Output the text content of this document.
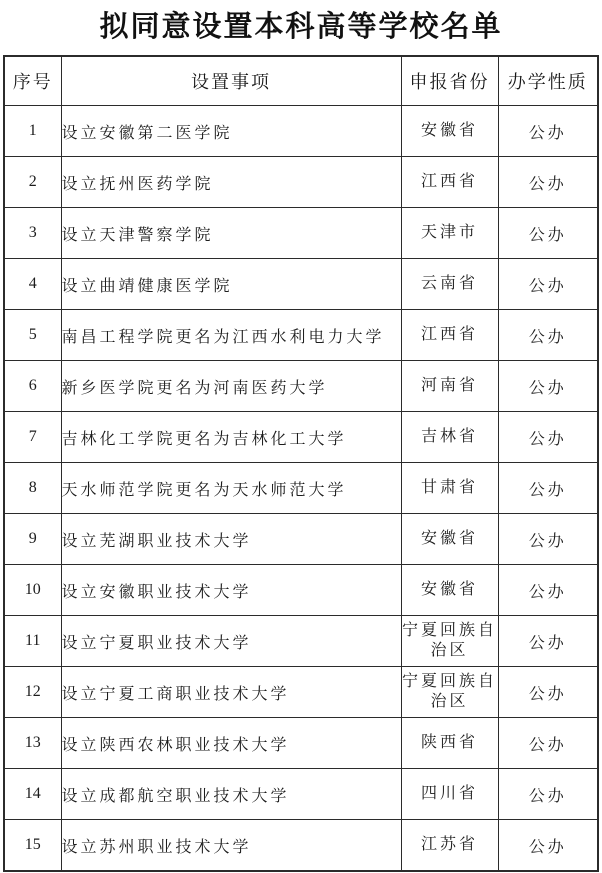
拟同意设置本科高等学校名单
序号	设置事项	申报省份	办学性质
1	设立安徽第二医学院	安徽省	公办
2	设立抚州医药学院	江西省	公办
3	设立天津警察学院	天津市	公办
4	设立曲靖健康医学院	云南省	公办
5	南昌工程学院更名为江西水利电力大学	江西省	公办
6	新乡医学院更名为河南医药大学	河南省	公办
7	吉林化工学院更名为吉林化工大学	吉林省	公办
8	天水师范学院更名为天水师范大学	甘肃省	公办
9	设立芜湖职业技术大学	安徽省	公办
10	设立安徽职业技术大学	安徽省	公办
11	设立宁夏职业技术大学	宁夏回族自治区	公办
12	设立宁夏工商职业技术大学	宁夏回族自治区	公办
13	设立陕西农林职业技术大学	陕西省	公办
14	设立成都航空职业技术大学	四川省	公办
15	设立苏州职业技术大学	江苏省	公办
